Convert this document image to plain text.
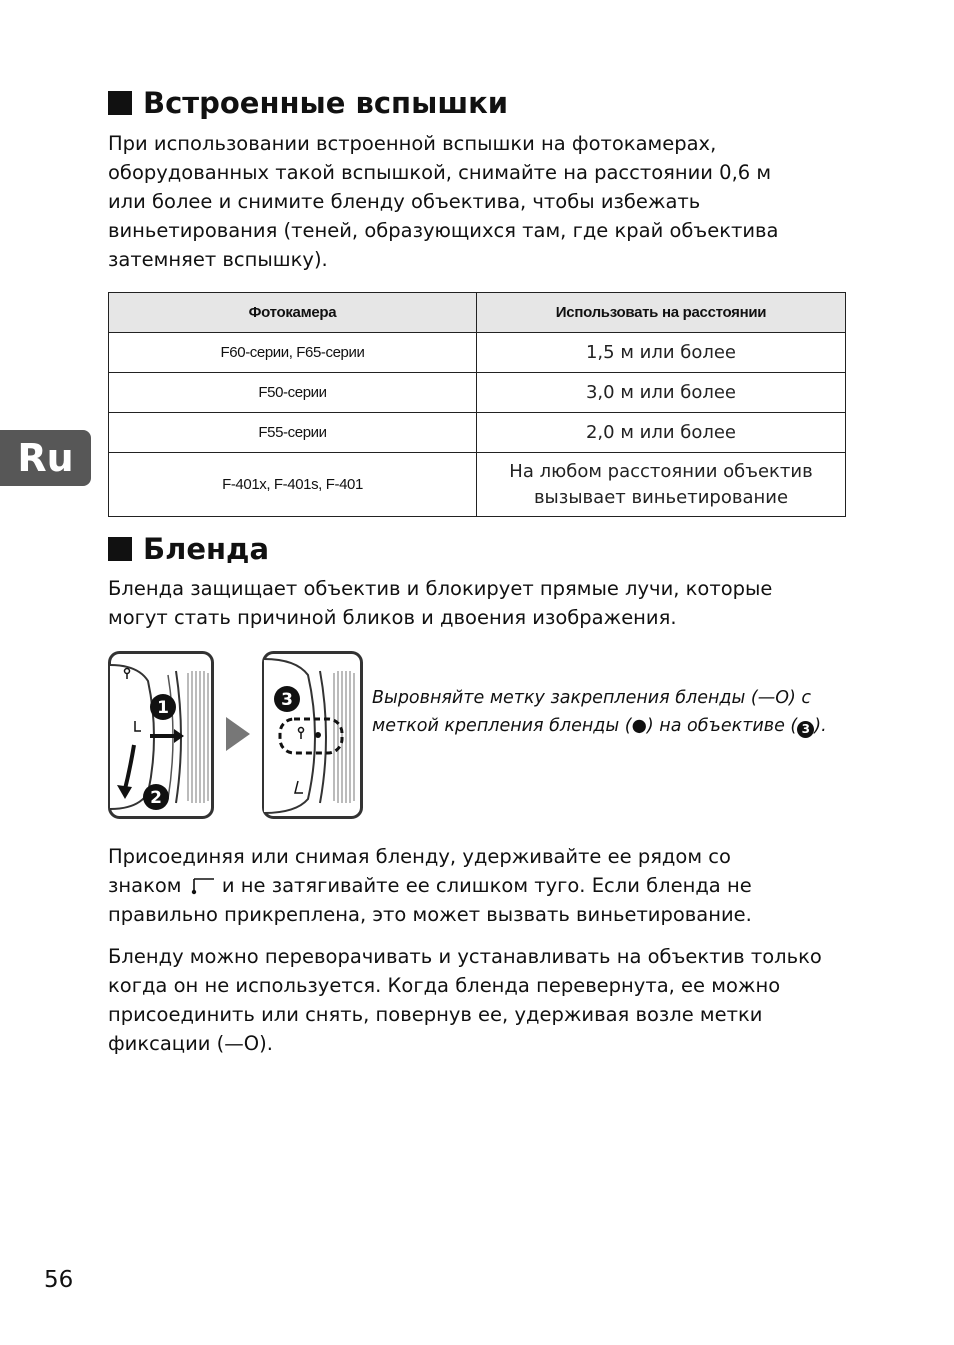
Встроенные вспышки

При использовании встроенной вспышки на фотокамерах,
оборудованных такой вспышкой, снимайте на расстоянии 0,6 м
или более и снимите бленду объектива, чтобы избежать
виньетирования (теней, образующихся там, где край объектива
затемняет вспышку).

Фотокамера	Использовать на расстоянии
F60-серии, F65-серии	1,5 м или более
F50-серии	3,0 м или более
F55-серии	2,0 м или более
F-401x, F-401s, F-401	На любом расстоянии объектив
вызывает виньетирование
Ru
Бленда

Бленда защищает объектив и блокирует прямые лучи, которые
могут стать причиной бликов и двоения изображения.

1
2
3	Выровняйте метку закрепления бленды (—O) с
меткой крепления бленды (●) на объективе ( 3 ).

Присоединяя или снимая бленду, удерживайте ее рядом со
знаком и не затягивайте ее слишком туго. Если бленда не
правильно прикреплена, это может вызвать виньетирование.

Бленду можно переворачивать и устанавливать на объектив только
когда он не используется. Когда бленда перевернута, ее можно
присоединить или снять, повернув ее, удерживая возле метки
фиксации (—O).

56
